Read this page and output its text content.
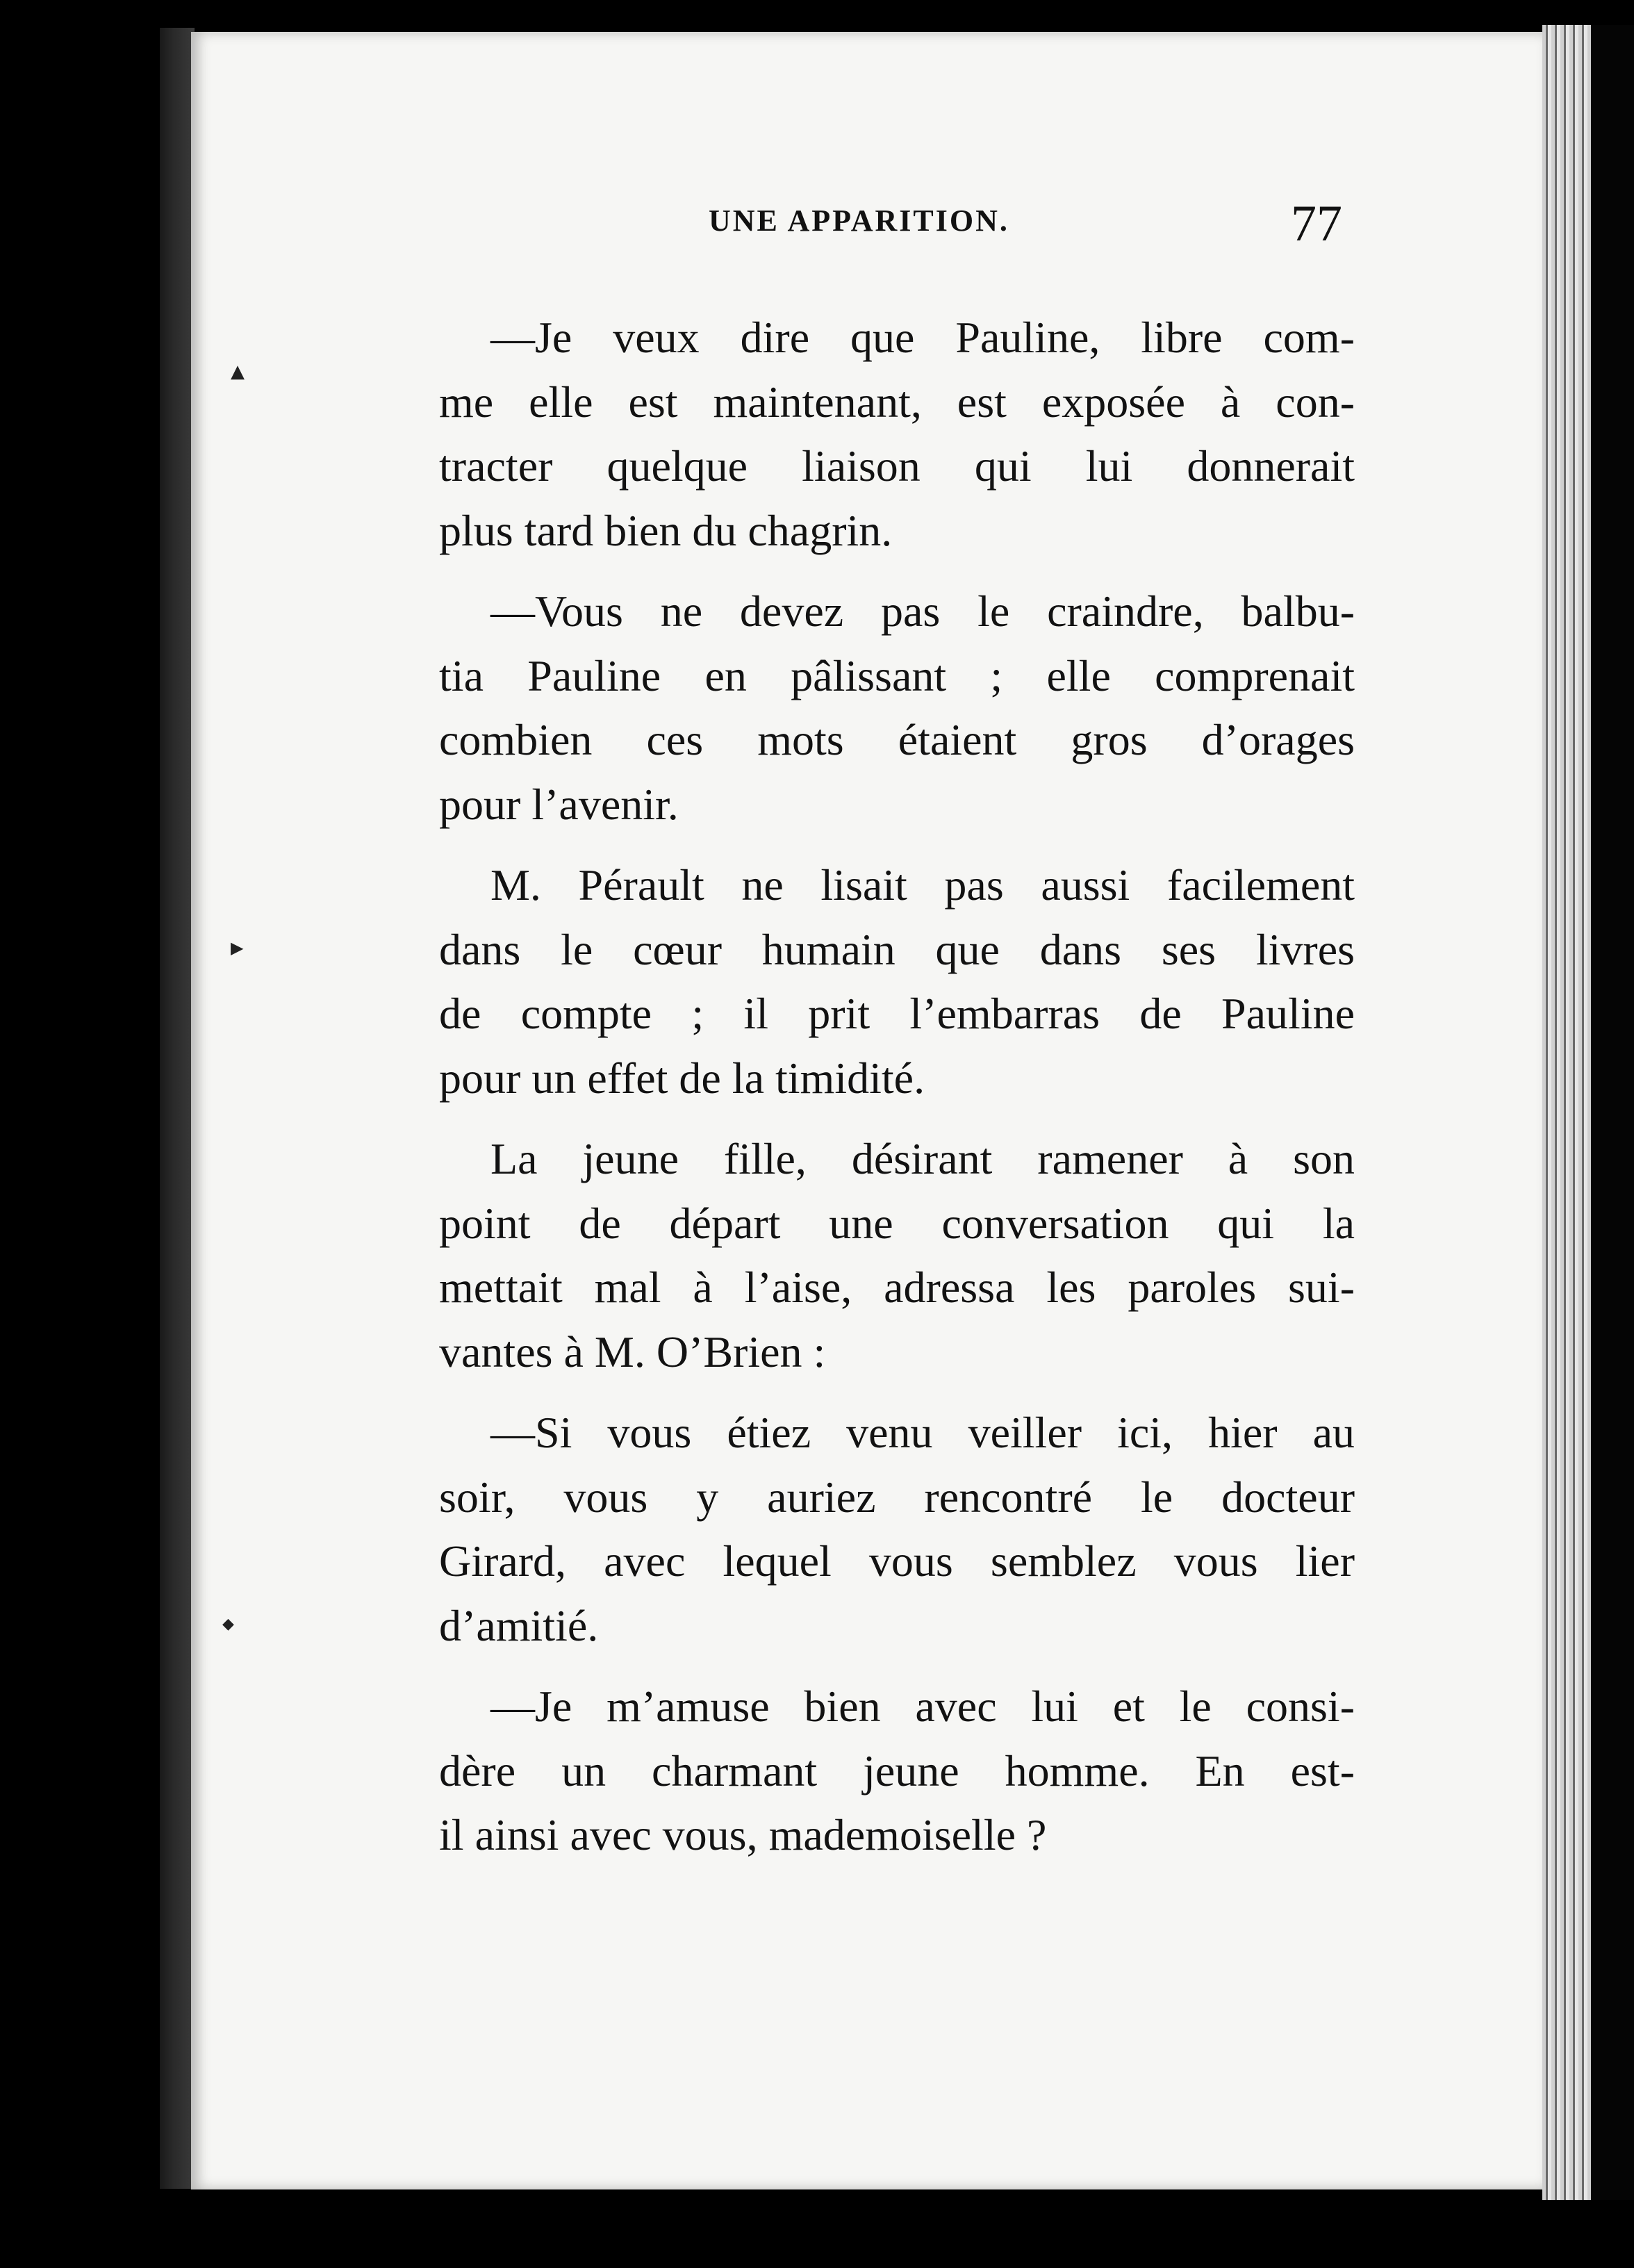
UNE APPARITION.	77
—Je veux dire que Pauline, libre com-
me elle est maintenant, est exposée à con-
tracter quelque liaison qui lui donnerait
plus tard bien du chagrin.
—Vous ne devez pas le craindre, balbu-
tia Pauline en pâlissant ; elle comprenait
combien ces mots étaient gros d’orages
pour l’avenir.
M. Pérault ne lisait pas aussi facilement
dans le cœur humain que dans ses livres
de compte ; il prit l’embarras de Pauline
pour un effet de la timidité.
La jeune fille, désirant ramener à son
point de départ une conversation qui la
mettait mal à l’aise, adressa les paroles sui-
vantes à M. O’Brien :
—Si vous étiez venu veiller ici, hier au
soir, vous y auriez rencontré le docteur
Girard, avec lequel vous semblez vous lier
d’amitié.
—Je m’amuse bien avec lui et le consi-
dère un charmant jeune homme. En est-
il ainsi avec vous, mademoiselle ?
▲
▶
◆
